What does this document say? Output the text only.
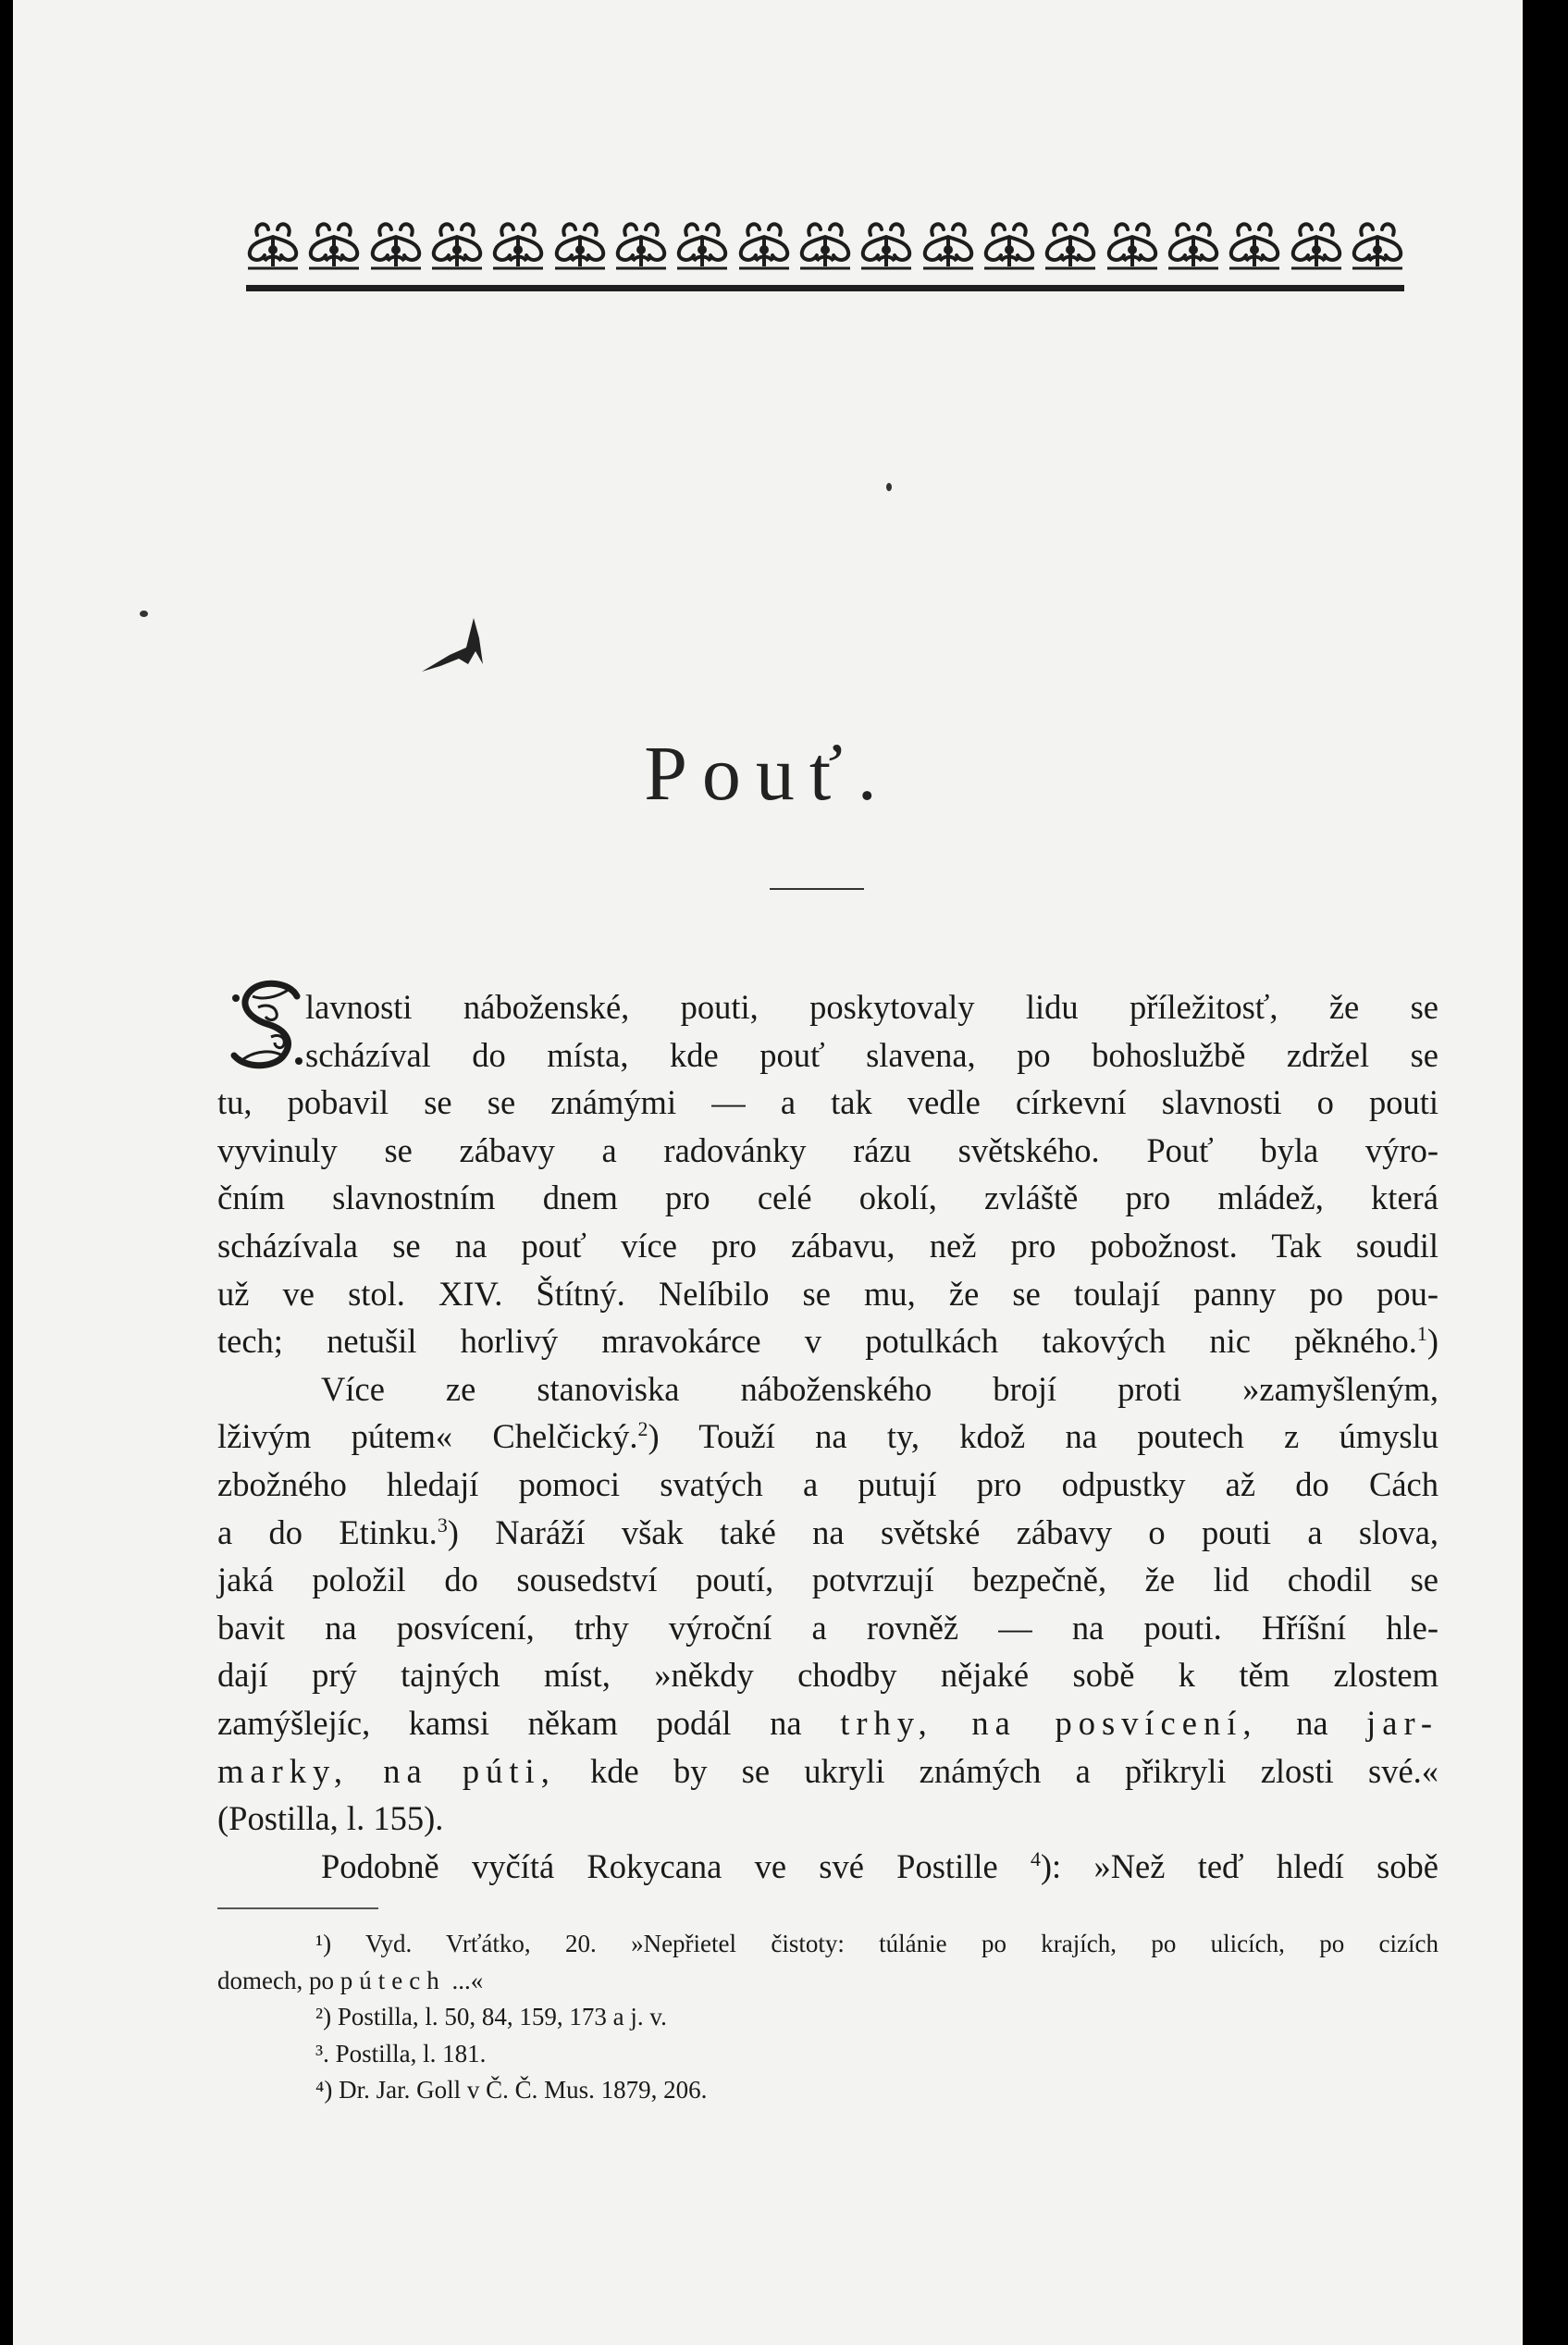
Pouť.
lavnosti náboženské, pouti, poskytovaly lidu příležitosť, že se
scházíval do místa, kde pouť slavena, po bohoslužbě zdržel se
tu, pobavil se se známými — a tak vedle církevní slavnosti o pouti
vyvinuly se zábavy a radovánky rázu světského. Pouť byla výro-
čním slavnostním dnem pro celé okolí, zvláště pro mládež, která
scházívala se na pouť více pro zábavu, než pro pobožnost. Tak soudil
už ve stol. XIV. Štítný. Nelíbilo se mu, že se toulají panny po pou-
tech; netušil horlivý mravokárce v potulkách takových nic pěkného.$^1$)
Více ze stanoviska náboženského brojí proti »zamyšleným,
lživým pútem« Chelčický.$^2$) Touží na ty, kdož na poutech z úmyslu
zbožného hledají pomoci svatých a putují pro odpustky až do Cách
a do Etinku.$^3$) Naráží však také na světské zábavy o pouti a slova,
jaká položil do sousedství poutí, potvrzují bezpečně, že lid chodil se
bavit na posvícení, trhy výroční a rovněž — na pouti. Hříšní hle-
dají prý tajných míst, »někdy chodby nějaké sobě k těm zlostem
zamýšlejíc, kamsi někam podál na trhy, na posvícení, na jar-
marky, na púti, kde by se ukryli známých a přikryli zlosti své.«
(Postilla, l. 155).
Podobně vyčítá Rokycana ve své Postille $^4$): »Než teď hledí sobě
¹) Vyd. Vrťátko, 20. »Nepřietel čistoty: túlánie po krajích, po ulicích, po cizích
domech, po pútech ...«
²) Postilla, l. 50, 84, 159, 173 a j. v.
³. Postilla, l. 181.
⁴) Dr. Jar. Goll v Č. Č. Mus. 1879, 206.
